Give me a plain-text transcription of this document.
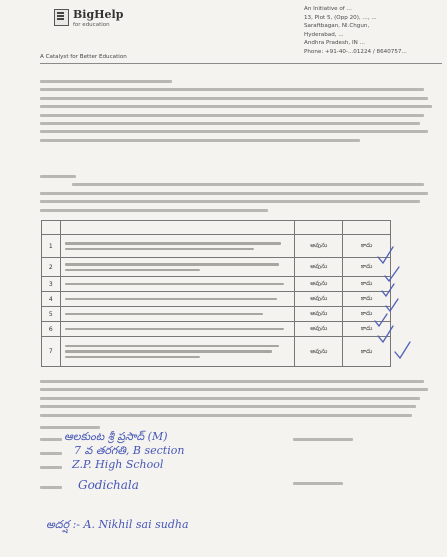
BigHelp
for education
A Catalyst for Better Education
An Initiative of ...
13, Plot 5, (Opp 20), ..., ...
Saraftbagan, Nl.Chgun,
Hyderabad, ...
Andhra Pradesh, IN ...
Phone: +91-40-...01224 / 8640757...

1		అవును	కాదు
2		అవును	కాదు
3		అవును	కాదు
4		అవును	కాదు
5		అవును	కాదు
6		అవును	కాదు
7		అవును	కాదు
ఆలకుంట శ్రీ ప్రసాద్ (M)
7 వ తరగతి, B section
Z.P. High School
Godichala
అదర్ష :- A. Nikhil sai sudha
